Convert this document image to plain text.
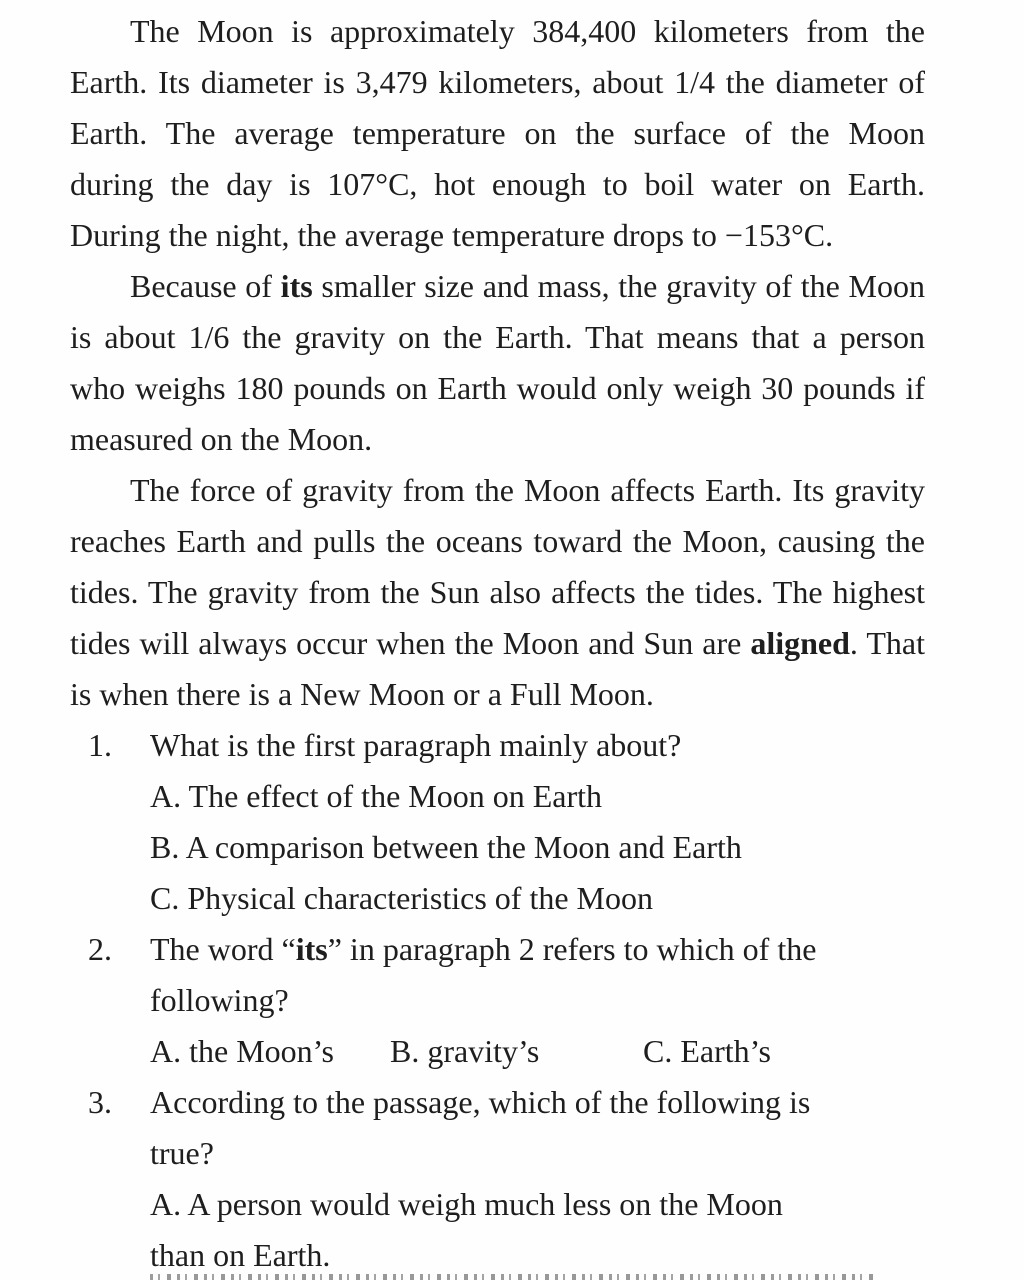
The Moon is approximately 384,400 kilometers from the
Earth. Its diameter is 3,479 kilometers, about 1/4 the diameter of
Earth. The average temperature on the surface of the Moon
during the day is 107°C, hot enough to boil water on Earth.
During the night, the average temperature drops to −153°C.
Because of its smaller size and mass, the gravity of the Moon
is about 1/6 the gravity on the Earth. That means that a person
who weighs 180 pounds on Earth would only weigh 30 pounds if
measured on the Moon.
The force of gravity from the Moon affects Earth. Its gravity
reaches Earth and pulls the oceans toward the Moon, causing the
tides. The gravity from the Sun also affects the tides. The highest
tides will always occur when the Moon and Sun are aligned. That
is when there is a New Moon or a Full Moon.
1.	What is the first paragraph mainly about?
A. The effect of the Moon on Earth
B. A comparison between the Moon and Earth
C. Physical characteristics of the Moon
2.	The word “its” in paragraph 2 refers to which of the
following?
A. the Moon’s B. gravity’s	C. Earth’s
3.	According to the passage, which of the following is
true?
A. A person would weigh much less on the Moon
than on Earth.
